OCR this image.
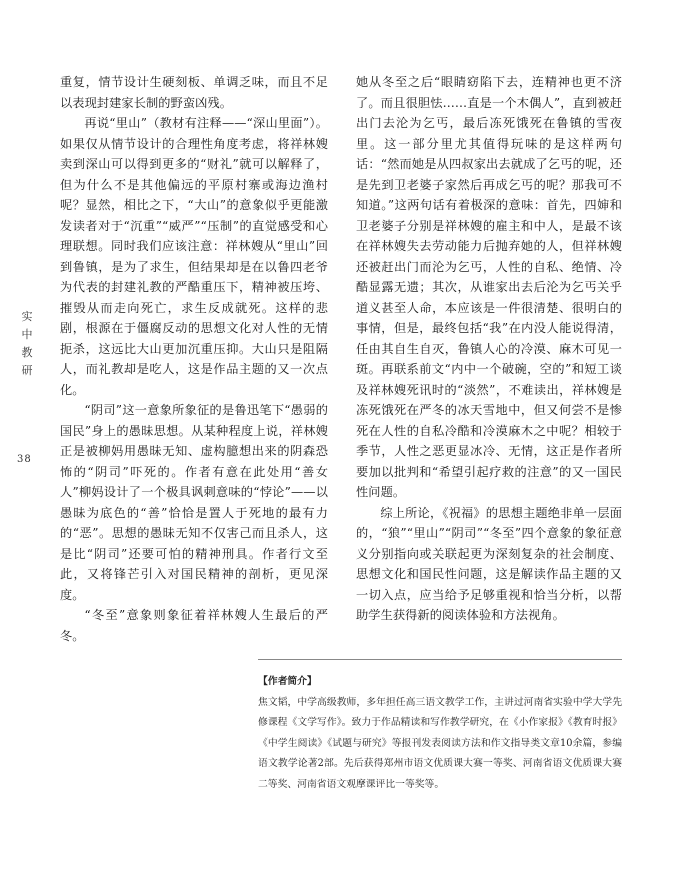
实中教研
38

重复，情节设计生硬刻板、单调乏味，而且不足以表现封建家长制的野蛮凶残。

再说“里山”（教材有注释——“深山里面”）。如果仅从情节设计的合理性角度考虑，将祥林嫂卖到深山可以得到更多的“财礼”就可以解释了，但为什么不是其他偏远的平原村寨或海边渔村呢？显然，相比之下，“大山”的意象似乎更能激发读者对于“沉重”“威严”“压制”的直觉感受和心理联想。同时我们应该注意：祥林嫂从“里山”回到鲁镇，是为了求生，但结果却是在以鲁四老爷为代表的封建礼教的严酷重压下，精神被压垮、摧毁从而走向死亡，求生反成就死。这样的悲剧，根源在于僵腐反动的思想文化对人性的无情扼杀，这远比大山更加沉重压抑。大山只是阻隔人，而礼教却是吃人，这是作品主题的又一次点化。

“阴司”这一意象所象征的是鲁迅笔下“愚弱的国民”身上的愚昧思想。从某种程度上说，祥林嫂正是被柳妈用愚昧无知、虚构臆想出来的阴森恐怖的“阴司”吓死的。作者有意在此处用“善女人”柳妈设计了一个极具讽刺意味的“悖论”——以愚昧为底色的“善”恰恰是置人于死地的最有力的“恶”。思想的愚昧无知不仅害己而且杀人，这是比“阴司”还要可怕的精神刑具。作者行文至此，又将锋芒引入对国民精神的剖析，更见深度。

“冬至”意象则象征着祥林嫂人生最后的严冬。

她从冬至之后“眼睛窈陷下去，连精神也更不济了。而且很胆怯……直是一个木偶人”，直到被赶出门去沦为乞丐，最后冻死饿死在鲁镇的雪夜里。这一部分里尤其值得玩味的是这样两句话：“然而她是从四叔家出去就成了乞丐的呢，还是先到卫老婆子家然后再成乞丐的呢？那我可不知道。”这两句话有着极深的意味：首先，四婶和卫老婆子分别是祥林嫂的雇主和中人，是最不该在祥林嫂失去劳动能力后抛弃她的人，但祥林嫂还被赶出门而沦为乞丐，人性的自私、绝情、冷酷显露无遗；其次，从谁家出去后沦为乞丐关乎道义甚至人命，本应该是一件很清楚、很明白的事情，但是，最终包括“我”在内没人能说得清，任由其自生自灭，鲁镇人心的冷漠、麻木可见一斑。再联系前文“内中一个破碗，空的”和短工谈及祥林嫂死讯时的“淡然”，不难读出，祥林嫂是冻死饿死在严冬的冰天雪地中，但又何尝不是惨死在人性的自私冷酷和冷漠麻木之中呢？相较于季节，人性之恶更显冰冷、无情，这正是作者所要加以批判和“希望引起疗救的注意”的又一国民性问题。

综上所论，《祝福》的思想主题绝非单一层面的，“狼”“里山”“阴司”“冬至”四个意象的象征意义分别指向或关联起更为深刻复杂的社会制度、思想文化和国民性问题，这是解读作品主题的又一切入点，应当给予足够重视和恰当分析，以帮助学生获得新的阅读体验和方法视角。

【作者简介】
焦文韬，中学高级教师，多年担任高三语文教学工作，主讲过河南省实验中学大学先修课程《文学写作》。致力于作品精读和写作教学研究，在《小作家报》《教育时报》《中学生阅读》《试题与研究》等报刊发表阅读方法和作文指导类文章10余篇，参编语文教学论著2部。先后获得郑州市语文优质课大赛一等奖、河南省语文优质课大赛二等奖、河南省语文观摩课评比一等奖等。
